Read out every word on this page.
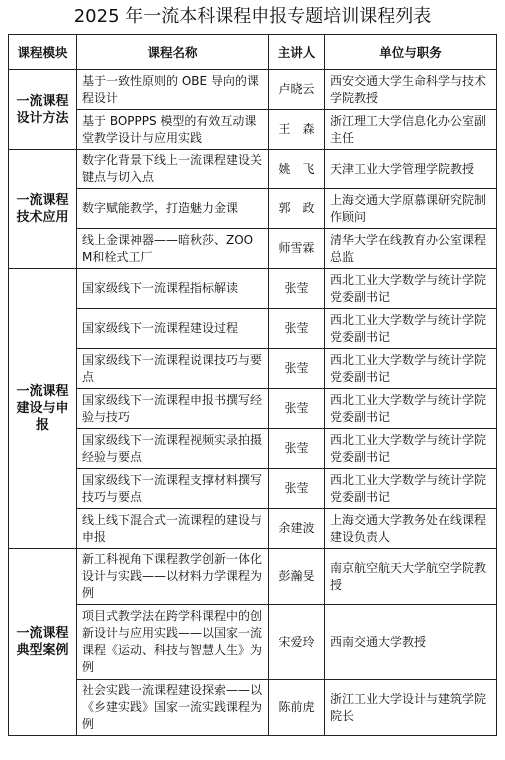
2025 年一流本科课程申报专题培训课程列表
课程模块	课程名称	主讲人	单位与职务
一流课程设计方法	基于一致性原则的 OBE 导向的课程设计	卢晓云	西安交通大学生命科学与技术学院教授
	基于 BOPPPS 模型的有效互动课堂教学设计与应用实践	王　森	浙江理工大学信息化办公室副主任
一流课程技术应用	数字化背景下线上一流课程建设关键点与切入点	姚　飞	天津工业大学管理学院教授
	数字赋能教学，打造魅力金课	郭　政	上海交通大学原慕课研究院制作顾问
	线上金课神器——暗秋莎、ZOOM和栓式工厂	师雪霖	清华大学在线教育办公室课程总监
一流课程建设与申报	国家级线下一流课程指标解读	张莹	西北工业大学数学与统计学院党委副书记
	国家级线下一流课程建设过程	张莹	西北工业大学数学与统计学院党委副书记
	国家级线下一流课程说课技巧与要点	张莹	西北工业大学数学与统计学院党委副书记
	国家级线下一流课程申报书撰写经验与技巧	张莹	西北工业大学数学与统计学院党委副书记
	国家级线下一流课程视频实录拍摄经验与要点	张莹	西北工业大学数学与统计学院党委副书记
	国家级线下一流课程支撑材料撰写技巧与要点	张莹	西北工业大学数学与统计学院党委副书记
	线上线下混合式一流课程的建设与申报	余建波	上海交通大学教务处在线课程建设负责人
一流课程典型案例	新工科视角下课程教学创新一体化设计与实践——以材料力学课程为例	彭瀚旻	南京航空航天大学航空学院教授
	项目式教学法在跨学科课程中的创新设计与应用实践——以国家一流课程《运动、科技与智慧人生》为例	宋爱玲	西南交通大学教授
	社会实践一流课程建设探索——以《乡建实践》国家一流实践课程为例	陈前虎	浙江工业大学设计与建筑学院院长
